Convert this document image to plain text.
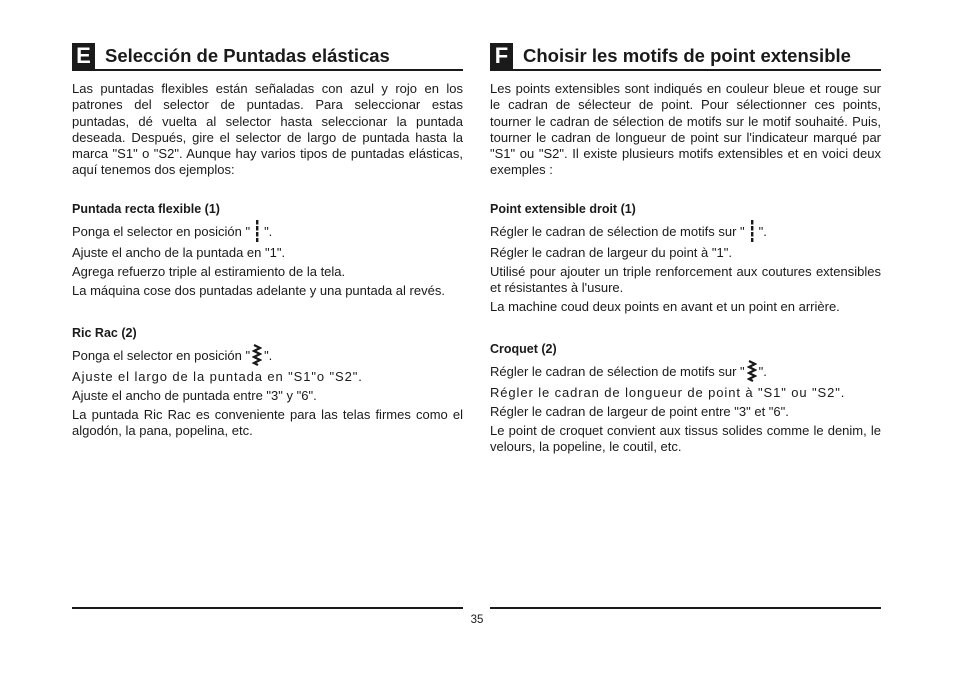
E Selección de Puntadas elásticas

Las puntadas flexibles están señaladas con azul y rojo en los patrones del selector de puntadas. Para seleccionar estas puntadas, dé vuelta al selector hasta seleccionar la puntada deseada. Después, gire el selector de largo de puntada hasta la marca "S1" o "S2". Aunque hay varios tipos de puntadas elásticas, aquí tenemos dos ejemplos:

Puntada recta flexible (1)
Ponga el selector en posición " ".
Ajuste el ancho de la puntada en "1".
Agrega refuerzo triple al estiramiento de la tela.
La máquina cose dos puntadas adelante y una puntada al revés.
Ric Rac (2)
Ponga el selector en posición " ".
Ajuste el largo de la puntada en "S1"o "S2".
Ajuste el ancho de puntada entre "3" y "6".
La puntada Ric Rac es conveniente para las telas firmes como el algodón, la pana, popelina, etc.
F Choisir les motifs de point extensible

Les points extensibles sont indiqués en couleur bleue et rouge sur le cadran de sélecteur de point. Pour sélectionner ces points, tourner le cadran de sélection de motifs sur le motif souhaité. Puis, tourner le cadran de longueur de point sur l'indicateur marqué par "S1" ou "S2". Il existe plusieurs motifs extensibles et en voici deux exemples :

Point extensible droit (1)
Régler le cadran de sélection de motifs sur " ".
Régler le cadran de largeur du point à "1".
Utilisé pour ajouter un triple renforcement aux coutures extensibles et résistantes à l'usure.
La machine coud deux points en avant et un point en arrière.
Croquet (2)
Régler le cadran de sélection de motifs sur " ".
Régler le cadran de longueur de point à "S1" ou "S2".
Régler le cadran de largeur de point entre "3" et "6".
Le point de croquet convient aux tissus solides comme le denim, le velours, la popeline, le coutil, etc.
35
